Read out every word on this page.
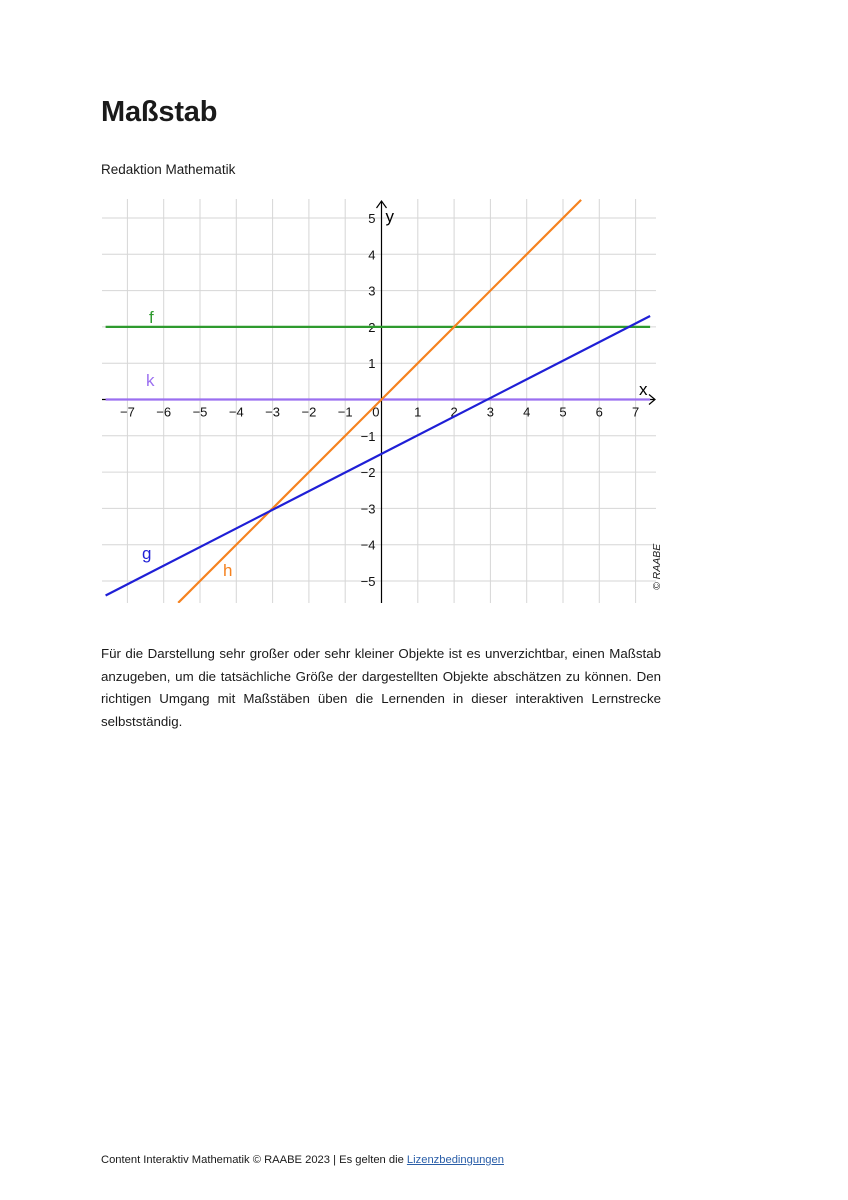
Maßstab
Redaktion Mathematik
−7 −6 −5 −4 −3 −2 −1 0	1 2 3 4 5 6 7
5
4
3
2
1
−1
−2
−3
−4
−5
x
y
f
k
h
g	© RAABE

Für die Darstellung sehr großer oder sehr kleiner Objekte ist es unverzichtbar, einen Maßstab anzugeben, um die tatsächliche Größe der dargestellten Objekte abschätzen zu können. Den richtigen Umgang mit Maßstäben üben die Lernenden in dieser interaktiven Lernstrecke selbstständig.

Content Interaktiv Mathematik © RAABE 2023 | Es gelten die Lizenzbedingungen
